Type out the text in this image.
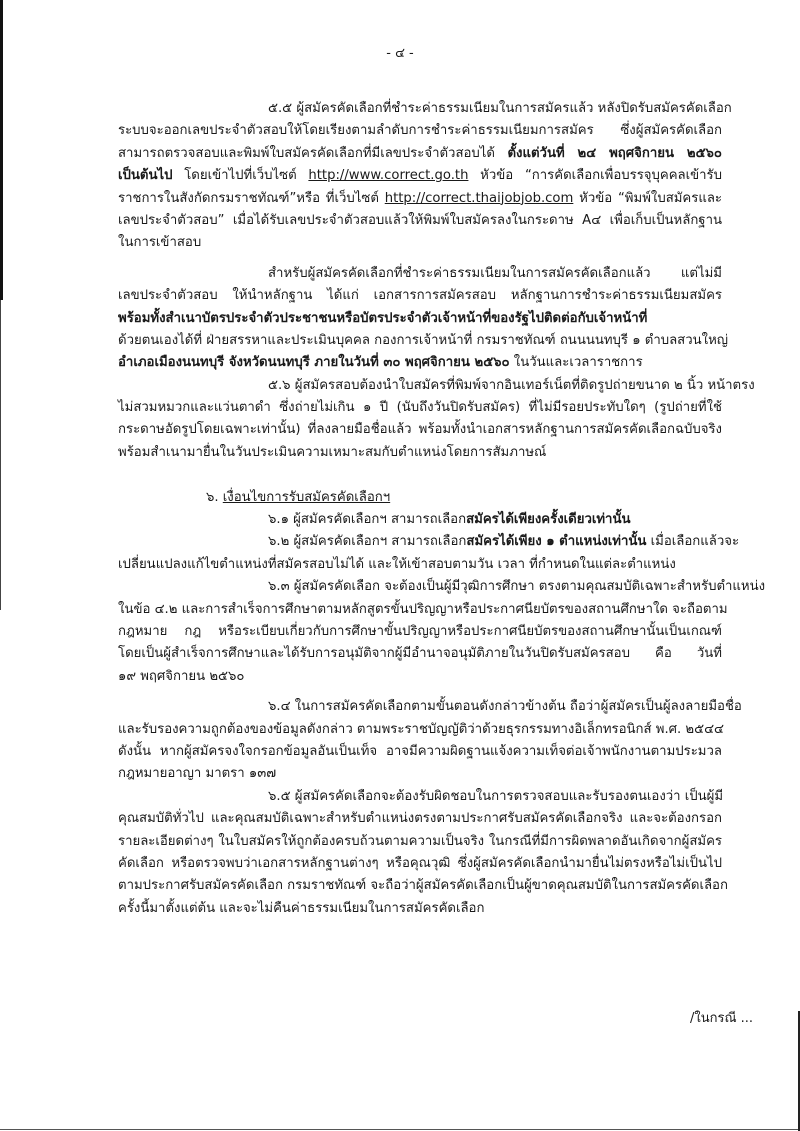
- ๔ -
๕.๕ ผู้สมัครคัดเลือกที่ชำระค่าธรรมเนียมในการสมัครแล้ว หลังปิดรับสมัครคัดเลือก
ระบบจะออกเลขประจำตัวสอบให้โดยเรียงตามลำดับการชำระค่าธรรมเนียมการสมัคร ซึ่งผู้สมัครคัดเลือก
สามารถตรวจสอบและพิมพ์ใบสมัครคัดเลือกที่มีเลขประจำตัวสอบได้ ตั้งแต่วันที่ ๒๔ พฤศจิกายน ๒๕๖๐
เป็นต้นไป โดยเข้าไปที่เว็บไซต์ http://www.correct.go.th หัวข้อ “การคัดเลือกเพื่อบรรจุบุคคลเข้ารับ
ราชการในสังกัดกรมราชทัณฑ์”หรือ ที่เว็บไซต์ http://correct.thaijobjob.com หัวข้อ “พิมพ์ใบสมัครและ
เลขประจำตัวสอบ” เมื่อได้รับเลขประจำตัวสอบแล้วให้พิมพ์ใบสมัครลงในกระดาษ A๔ เพื่อเก็บเป็นหลักฐาน
ในการเข้าสอบ
สำหรับผู้สมัครคัดเลือกที่ชำระค่าธรรมเนียมในการสมัครคัดเลือกแล้ว แต่ไม่มี
เลขประจำตัวสอบ ให้นำหลักฐาน ได้แก่ เอกสารการสมัครสอบ หลักฐานการชำระค่าธรรมเนียมสมัคร
พร้อมทั้งสำเนาบัตรประจำตัวประชาชนหรือบัตรประจำตัวเจ้าหน้าที่ของรัฐไปติดต่อกับเจ้าหน้าที่
ด้วยตนเองได้ที่ ฝ่ายสรรหาและประเมินบุคคล กองการเจ้าหน้าที่ กรมราชทัณฑ์ ถนนนนทบุรี ๑ ตำบลสวนใหญ่
อำเภอเมืองนนทบุรี จังหวัดนนทบุรี ภายในวันที่ ๓๐ พฤศจิกายน ๒๕๖๐ ในวันและเวลาราชการ
๕.๖ ผู้สมัครสอบต้องนำใบสมัครที่พิมพ์จากอินเทอร์เน็ตที่ติดรูปถ่ายขนาด ๒ นิ้ว หน้าตรง
ไม่สวมหมวกและแว่นตาดำ ซึ่งถ่ายไม่เกิน ๑ ปี (นับถึงวันปิดรับสมัคร) ที่ไม่มีรอยประทับใดๆ (รูปถ่ายที่ใช้
กระดาษอัดรูปโดยเฉพาะเท่านั้น) ที่ลงลายมือชื่อแล้ว พร้อมทั้งนำเอกสารหลักฐานการสมัครคัดเลือกฉบับจริง
พร้อมสำเนามายื่นในวันประเมินความเหมาะสมกับตำแหน่งโดยการสัมภาษณ์
๖. เงื่อนไขการรับสมัครคัดเลือกฯ
๖.๑ ผู้สมัครคัดเลือกฯ สามารถเลือกสมัครได้เพียงครั้งเดียวเท่านั้น
๖.๒ ผู้สมัครคัดเลือกฯ สามารถเลือกสมัครได้เพียง ๑ ตำแหน่งเท่านั้น เมื่อเลือกแล้วจะ
เปลี่ยนแปลงแก้ไขตำแหน่งที่สมัครสอบไม่ได้ และให้เข้าสอบตามวัน เวลา ที่กำหนดในแต่ละตำแหน่ง
๖.๓ ผู้สมัครคัดเลือก จะต้องเป็นผู้มีวุฒิการศึกษา ตรงตามคุณสมบัติเฉพาะสำหรับตำแหน่ง
ในข้อ ๔.๒ และการสำเร็จการศึกษาตามหลักสูตรขั้นปริญญาหรือประกาศนียบัตรของสถานศึกษาใด จะถือตาม
กฎหมาย กฎ หรือระเบียบเกี่ยวกับการศึกษาขั้นปริญญาหรือประกาศนียบัตรของสถานศึกษานั้นเป็นเกณฑ์
โดยเป็นผู้สำเร็จการศึกษาและได้รับการอนุมัติจากผู้มีอำนาจอนุมัติภายในวันปิดรับสมัครสอบ คือ วันที่
๑๙ พฤศจิกายน ๒๕๖๐
๖.๔ ในการสมัครคัดเลือกตามขั้นตอนดังกล่าวข้างต้น ถือว่าผู้สมัครเป็นผู้ลงลายมือชื่อ
และรับรองความถูกต้องของข้อมูลดังกล่าว ตามพระราชบัญญัติว่าด้วยธุรกรรมทางอิเล็กทรอนิกส์ พ.ศ. ๒๕๔๔
ดังนั้น หากผู้สมัครจงใจกรอกข้อมูลอันเป็นเท็จ อาจมีความผิดฐานแจ้งความเท็จต่อเจ้าพนักงานตามประมวล
กฎหมายอาญา มาตรา ๑๓๗
๖.๕ ผู้สมัครคัดเลือกจะต้องรับผิดชอบในการตรวจสอบและรับรองตนเองว่า เป็นผู้มี
คุณสมบัติทั่วไป และคุณสมบัติเฉพาะสำหรับตำแหน่งตรงตามประกาศรับสมัครคัดเลือกจริง และจะต้องกรอก
รายละเอียดต่างๆ ในใบสมัครให้ถูกต้องครบถ้วนตามความเป็นจริง ในกรณีที่มีการผิดพลาดอันเกิดจากผู้สมัคร
คัดเลือก หรือตรวจพบว่าเอกสารหลักฐานต่างๆ หรือคุณวุฒิ ซึ่งผู้สมัครคัดเลือกนำมายื่นไม่ตรงหรือไม่เป็นไป
ตามประกาศรับสมัครคัดเลือก กรมราชทัณฑ์ จะถือว่าผู้สมัครคัดเลือกเป็นผู้ขาดคุณสมบัติในการสมัครคัดเลือก
ครั้งนี้มาตั้งแต่ต้น และจะไม่คืนค่าธรรมเนียมในการสมัครคัดเลือก
/ในกรณี ...
